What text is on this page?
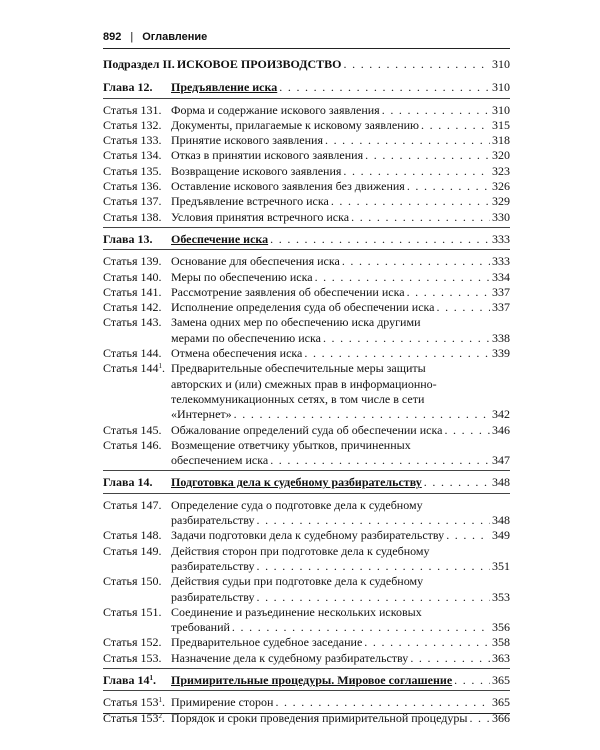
892 | Оглавление
Подраздел II. ИСКОВОЕ ПРОИЗВОДСТВО . . .	310
Глава 12.	Предъявление иска . . .	310
Статья 131. Форма и содержание искового заявления . . .	310
Статья 132. Документы, прилагаемые к исковому заявлению . . .	315
Статья 133. Принятие искового заявления . . .	318
Статья 134. Отказ в принятии искового заявления . . .	320
Статья 135. Возвращение искового заявления . . .	323
Статья 136. Оставление искового заявления без движения . . .	326
Статья 137. Предъявление встречного иска . . .	329
Статья 138. Условия принятия встречного иска . . .	330
Глава 13.	Обеспечение иска . . .	333
Статья 139. Основание для обеспечения иска . . .	333
Статья 140. Меры по обеспечению иска . . .	334
Статья 141. Рассмотрение заявления об обеспечении иска . . .	337
Статья 142. Исполнение определения суда об обеспечении иска . . .	337
Статья 143. Замена одних мер по обеспечению иска другими
мерами по обеспечению иска . . .	338
Статья 144. Отмена обеспечения иска . . .	339
Статья $144^1$. Предварительные обеспечительные меры защиты
авторских и (или) смежных прав в информационно-
телекоммуникационных сетях, в том числе в сети
«Интернет» . . .	342
Статья 145. Обжалование определений суда об обеспечении иска . . .	346
Статья 146. Возмещение ответчику убытков, причиненных
обеспечением иска . . .	347
Глава 14.	Подготовка дела к судебному разбирательству . . .	348
Статья 147. Определение суда о подготовке дела к судебному
разбирательству . . .	348
Статья 148. Задачи подготовки дела к судебному разбирательству . . .	349
Статья 149. Действия сторон при подготовке дела к судебному
разбирательству . . .	351
Статья 150. Действия судьи при подготовке дела к судебному
разбирательству . . .	353
Статья 151. Соединение и разъединение нескольких исковых
требований . . .	356
Статья 152. Предварительное судебное заседание . . .	358
Статья 153. Назначение дела к судебному разбирательству . . .	363
Глава $14^1$.	Примирительные процедуры. Мировое соглашение . . .	365
Статья $153^1$. Примирение сторон . . .	365
Статья $153^2$. Порядок и сроки проведения примирительной процедуры . . . 366
